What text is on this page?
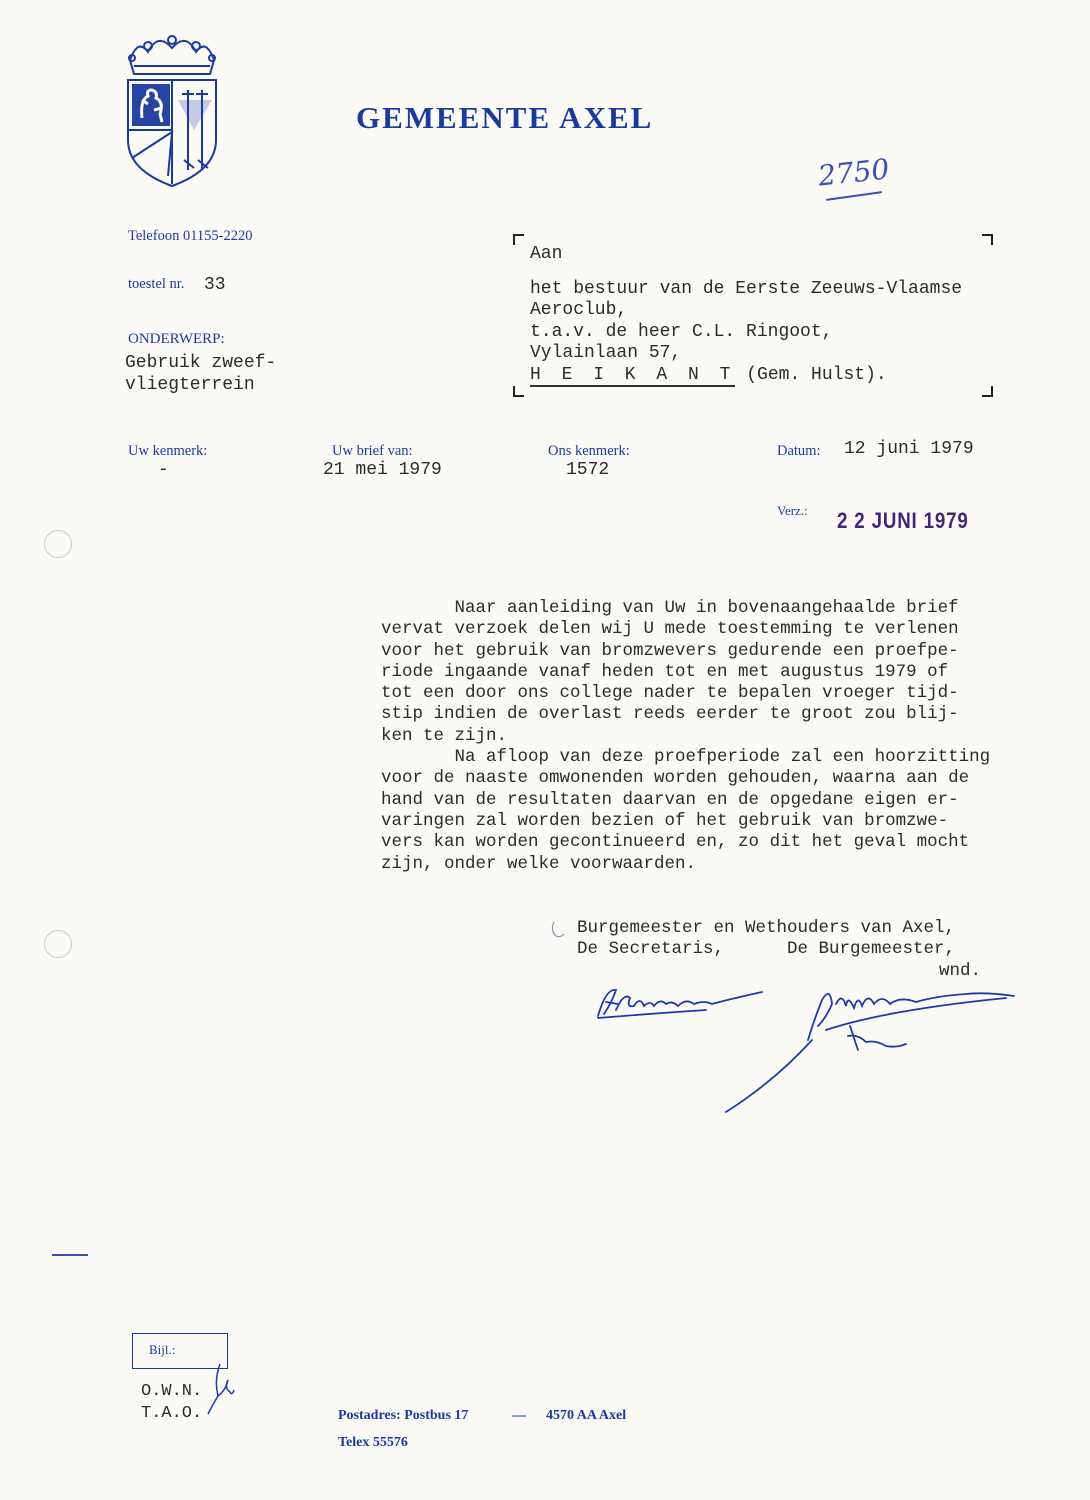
GEMEENTE AXEL
2750
Telefoon 01155-2220
toestel nr. 33
ONDERWERP:
Gebruik zweef-
vliegterrein
Aan
het bestuur van de Eerste Zeeuws-Vlaamse
Aeroclub,
t.a.v. de heer C.L. Ringoot,
Vylainlaan 57,
H E I K A N T (Gem. Hulst).
Uw kenmerk:
-
Uw brief van:
21 mei 1979
Ons kenmerk:
1572
Datum: 12 juni 1979
Verz.: 2 2 JUNI 1979

Naar aanleiding van Uw in bovenaangehaalde brief

vervat verzoek delen wij U mede toestemming te verlenen

voor het gebruik van bromzwevers gedurende een proefpe-

riode ingaande vanaf heden tot en met augustus 1979 of

tot een door ons college nader te bepalen vroeger tijd-

stip indien de overlast reeds eerder te groot zou blij-

ken te zijn.

Na afloop van deze proefperiode zal een hoorzitting

voor de naaste omwonenden worden gehouden, waarna aan de

hand van de resultaten daarvan en de opgedane eigen er-

varingen zal worden bezien of het gebruik van bromzwe-

vers kan worden gecontinueerd en, zo dit het geval mocht

zijn, onder welke voorwaarden.

Burgemeester en Wethouders van Axel,
De Secretaris,      De Burgemeester,
wnd.
Bijl.:
O.W.N.
T.A.O.	Postadres: Postbus 17	— 4570 AA Axel
Telex 55576
